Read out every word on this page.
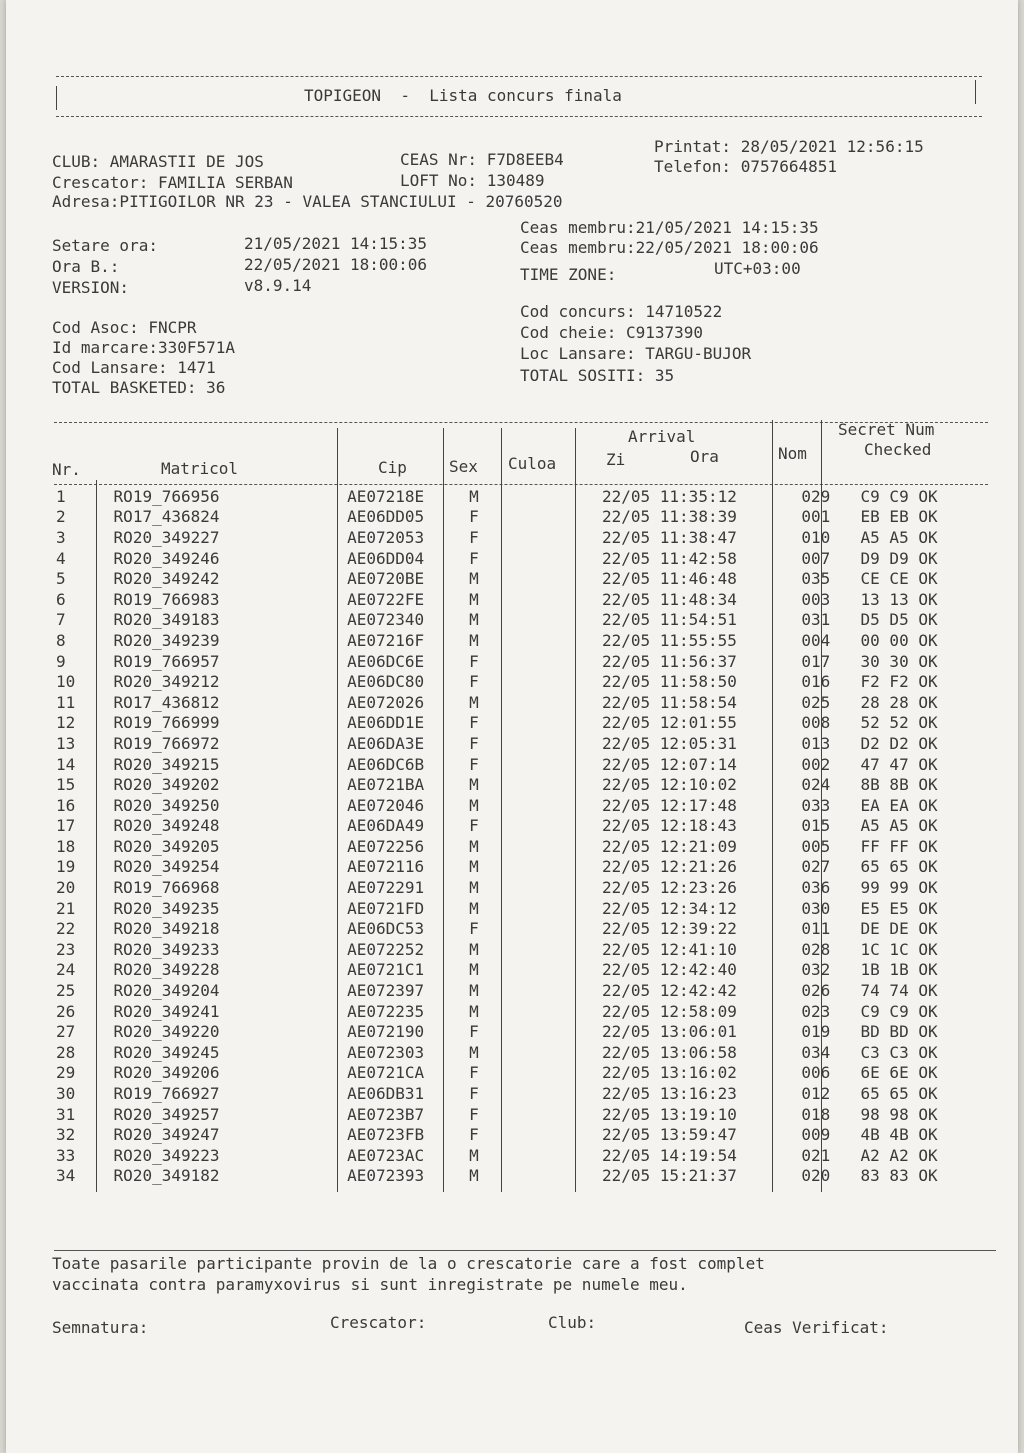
TOPIGEON  -  Lista concurs finala
CLUB: AMARASTII DE JOS
Crescator: FAMILIA SERBAN
Adresa:PITIGOILOR NR 23 - VALEA STANCIULUI - 20760520
CEAS Nr: F7D8EEB4
LOFT No: 130489
Printat: 28/05/2021 12:56:15
Telefon: 0757664851
Setare ora:	21/05/2021 14:15:35
Ora B.:	22/05/2021 18:00:06
VERSION:	v8.9.14
Ceas membru:21/05/2021 14:15:35
Ceas membru:22/05/2021 18:00:06
TIME ZONE:	UTC+03:00
Cod Asoc: FNCPR
Id marcare:330F571A
Cod Lansare: 1471
TOTAL BASKETED: 36
Cod concurs: 14710522
Cod cheie: C9137390
Loc Lansare: TARGU-BUJOR
TOTAL SOSITI: 35
Nr.	Matricol	Cip	Sex Culoa
Arrival
Zi	Ora	Nom
Secret Num
Checked
1	RO19_766956	AE07218E	M		22/05 11:35:12	029	C9 C9 OK
2	RO17_436824	AE06DD05	F		22/05 11:38:39	001	EB EB OK
3	RO20_349227	AE072053	F		22/05 11:38:47	010	A5 A5 OK
4	RO20_349246	AE06DD04	F		22/05 11:42:58	007	D9 D9 OK
5	RO20_349242	AE0720BE	M		22/05 11:46:48	035	CE CE OK
6	RO19_766983	AE0722FE	M		22/05 11:48:34	003	13 13 OK
7	RO20_349183	AE072340	M		22/05 11:54:51	031	D5 D5 OK
8	RO20_349239	AE07216F	M		22/05 11:55:55	004	00 00 OK
9	RO19_766957	AE06DC6E	F		22/05 11:56:37	017	30 30 OK
10	RO20_349212	AE06DC80	F		22/05 11:58:50	016	F2 F2 OK
11	RO17_436812	AE072026	M		22/05 11:58:54	025	28 28 OK
12	RO19_766999	AE06DD1E	F		22/05 12:01:55	008	52 52 OK
13	RO19_766972	AE06DA3E	F		22/05 12:05:31	013	D2 D2 OK
14	RO20_349215	AE06DC6B	F		22/05 12:07:14	002	47 47 OK
15	RO20_349202	AE0721BA	M		22/05 12:10:02	024	8B 8B OK
16	RO20_349250	AE072046	M		22/05 12:17:48	033	EA EA OK
17	RO20_349248	AE06DA49	F		22/05 12:18:43	015	A5 A5 OK
18	RO20_349205	AE072256	M		22/05 12:21:09	005	FF FF OK
19	RO20_349254	AE072116	M		22/05 12:21:26	027	65 65 OK
20	RO19_766968	AE072291	M		22/05 12:23:26	036	99 99 OK
21	RO20_349235	AE0721FD	M		22/05 12:34:12	030	E5 E5 OK
22	RO20_349218	AE06DC53	F		22/05 12:39:22	011	DE DE OK
23	RO20_349233	AE072252	M		22/05 12:41:10	028	1C 1C OK
24	RO20_349228	AE0721C1	M		22/05 12:42:40	032	1B 1B OK
25	RO20_349204	AE072397	M		22/05 12:42:42	026	74 74 OK
26	RO20_349241	AE072235	M		22/05 12:58:09	023	C9 C9 OK
27	RO20_349220	AE072190	F		22/05 13:06:01	019	BD BD OK
28	RO20_349245	AE072303	M		22/05 13:06:58	034	C3 C3 OK
29	RO20_349206	AE0721CA	F		22/05 13:16:02	006	6E 6E OK
30	RO19_766927	AE06DB31	F		22/05 13:16:23	012	65 65 OK
31	RO20_349257	AE0723B7	F		22/05 13:19:10	018	98 98 OK
32	RO20_349247	AE0723FB	F		22/05 13:59:47	009	4B 4B OK
33	RO20_349223	AE0723AC	M		22/05 14:19:54	021	A2 A2 OK
34	RO20_349182	AE072393	M		22/05 15:21:37	020	83 83 OK
Toate pasarile participante provin de la o crescatorie care a fost complet
vaccinata contra paramyxovirus si sunt inregistrate pe numele meu.
Semnatura:	Crescator:	Club:	Ceas Verificat:
